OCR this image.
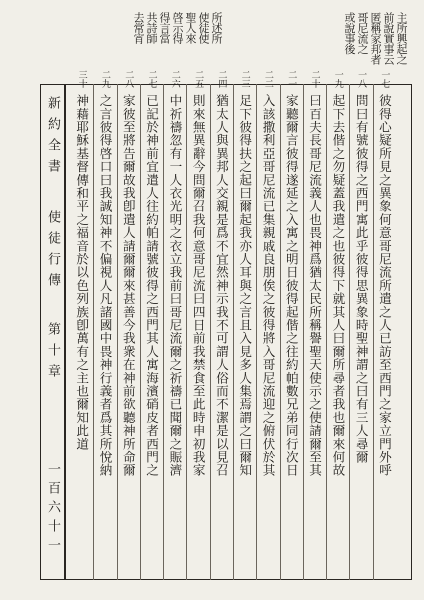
主所興起之
前說實事云
匿稱家邦者
哥尼流之
或說事後
所述所
使徒使
聖人來
啓示得
得言當
共詩師
去常宵
新約全書
使徒行傳
第十章
一百六十一
彼得心疑所見之異象何意哥尼流所遣之人已訪至西門之家立門外呼
一七
問曰有號彼得之西門寓此乎彼得思異象時聖神謂之曰有三人尋爾
一八
起下去偕之勿疑蓋我遣之也彼得下就其人曰爾所尋者我也爾來何故
一九
曰百夫長哥尼流義人也畏神爲猶太民所稱譽聖天使示之使請爾至其
二十
家聽爾言彼得遂延之入寓之明日彼得起偕之往約帕數兄弟同行次日
二一
入該撒利亞哥尼流已集親戚良朋俟之彼得將入哥尼流迎之俯伏於其
二二
足下彼得扶之起曰爾起我亦人耳與之言且入見多人集焉謂之曰爾知
二三
猶太人與異邦人交親是爲不宜然神示我不可謂人俗而不潔是以見召
二四
則來無異辭今問爾召我何意哥尼流曰四日前我禁食至此時申初我家
二五
中祈禱忽有一人衣光明之衣立我前曰哥尼流爾之祈禱已聞爾之賑濟
二六
已記於神前宜遣人往約帕請號彼得之西門其人寓海濱硝皮者西門之
二七
家彼至將告爾故我卽遣人請爾爾來甚善今我衆在神前欲聽神所命爾
二八
之言彼得啓口曰我誠知神不偏視人凡諸國中畏神行義者爲其所悅納
二九
神藉耶穌基督傳和平之福音於以色列族卽萬有之主也爾知此道
三十
